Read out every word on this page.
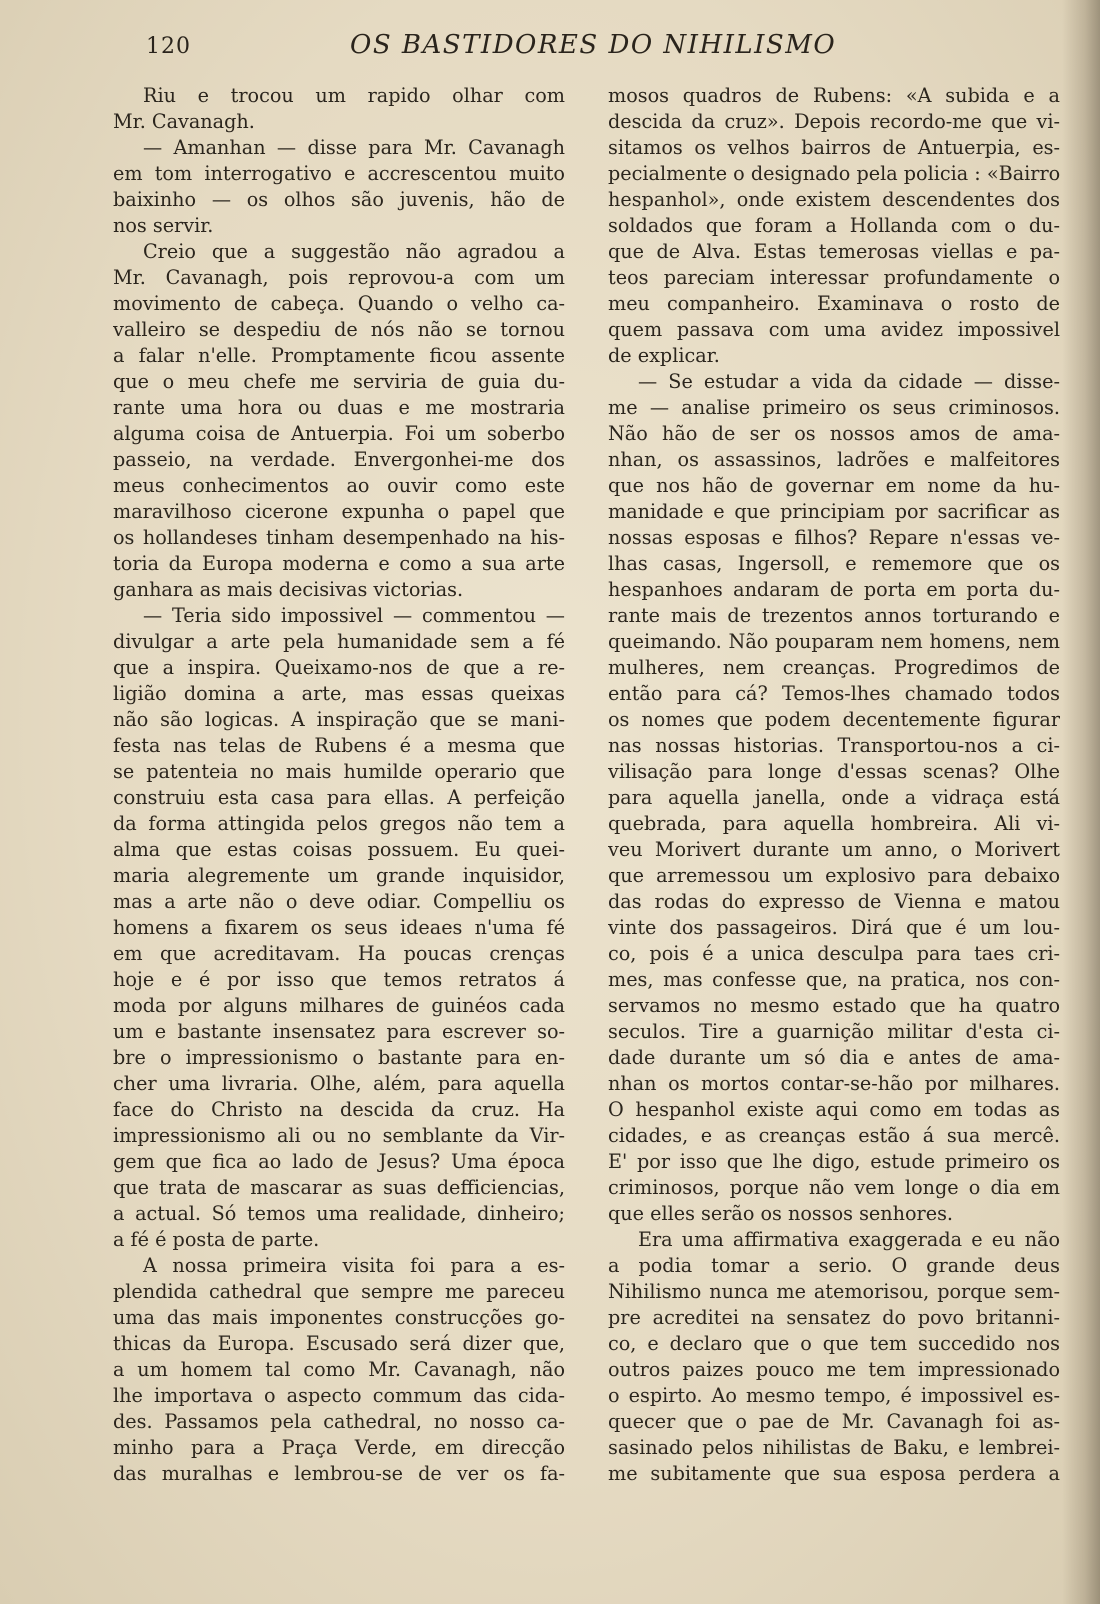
120	OS BASTIDORES DO NIHILISMO
Riu e trocou um rapido olhar com
Mr. Cavanagh.
— Amanhan — disse para Mr. Cavanagh
em tom interrogativo e accrescentou muito
baixinho — os olhos são juvenis, hão de
nos servir.
Creio que a suggestão não agradou a
Mr. Cavanagh, pois reprovou-a com um
movimento de cabeça. Quando o velho ca-
valleiro se despediu de nós não se tornou
a falar n'elle. Promptamente ficou assente
que o meu chefe me serviria de guia du-
rante uma hora ou duas e me mostraria
alguma coisa de Antuerpia. Foi um soberbo
passeio, na verdade. Envergonhei-me dos
meus conhecimentos ao ouvir como este
maravilhoso cicerone expunha o papel que
os hollandeses tinham desempenhado na his-
toria da Europa moderna e como a sua arte
ganhara as mais decisivas victorias.
— Teria sido impossivel — commentou —
divulgar a arte pela humanidade sem a fé
que a inspira. Queixamo-nos de que a re-
ligião domina a arte, mas essas queixas
não são logicas. A inspiração que se mani-
festa nas telas de Rubens é a mesma que
se patenteia no mais humilde operario que
construiu esta casa para ellas. A perfeição
da forma attingida pelos gregos não tem a
alma que estas coisas possuem. Eu quei-
maria alegremente um grande inquisidor,
mas a arte não o deve odiar. Compelliu os
homens a fixarem os seus ideaes n'uma fé
em que acreditavam. Ha poucas crenças
hoje e é por isso que temos retratos á
moda por alguns milhares de guinéos cada
um e bastante insensatez para escrever so-
bre o impressionismo o bastante para en-
cher uma livraria. Olhe, além, para aquella
face do Christo na descida da cruz. Ha
impressionismo ali ou no semblante da Vir-
gem que fica ao lado de Jesus? Uma época
que trata de mascarar as suas defficiencias,
a actual. Só temos uma realidade, dinheiro;
a fé é posta de parte.
A nossa primeira visita foi para a es-
plendida cathedral que sempre me pareceu
uma das mais imponentes construcções go-
thicas da Europa. Escusado será dizer que,
a um homem tal como Mr. Cavanagh, não
lhe importava o aspecto commum das cida-
des. Passamos pela cathedral, no nosso ca-
minho para a Praça Verde, em direcção
das muralhas e lembrou-se de ver os fa-
mosos quadros de Rubens: «A subida e a
descida da cruz». Depois recordo-me que vi-
sitamos os velhos bairros de Antuerpia, es-
pecialmente o designado pela policia : «Bairro
hespanhol», onde existem descendentes dos
soldados que foram a Hollanda com o du-
que de Alva. Estas temerosas viellas e pa-
teos pareciam interessar profundamente o
meu companheiro. Examinava o rosto de
quem passava com uma avidez impossivel
de explicar.
— Se estudar a vida da cidade — disse-
me — analise primeiro os seus criminosos.
Não hão de ser os nossos amos de ama-
nhan, os assassinos, ladrões e malfeitores
que nos hão de governar em nome da hu-
manidade e que principiam por sacrificar as
nossas esposas e filhos? Repare n'essas ve-
lhas casas, Ingersoll, e rememore que os
hespanhoes andaram de porta em porta du-
rante mais de trezentos annos torturando e
queimando. Não pouparam nem homens, nem
mulheres, nem creanças. Progredimos de
então para cá? Temos-lhes chamado todos
os nomes que podem decentemente figurar
nas nossas historias. Transportou-nos a ci-
vilisação para longe d'essas scenas? Olhe
para aquella janella, onde a vidraça está
quebrada, para aquella hombreira. Ali vi-
veu Morivert durante um anno, o Morivert
que arremessou um explosivo para debaixo
das rodas do expresso de Vienna e matou
vinte dos passageiros. Dirá que é um lou-
co, pois é a unica desculpa para taes cri-
mes, mas confesse que, na pratica, nos con-
servamos no mesmo estado que ha quatro
seculos. Tire a guarnição militar d'esta ci-
dade durante um só dia e antes de ama-
nhan os mortos contar-se-hão por milhares.
O hespanhol existe aqui como em todas as
cidades, e as creanças estão á sua mercê.
E' por isso que lhe digo, estude primeiro os
criminosos, porque não vem longe o dia em
que elles serão os nossos senhores.
Era uma affirmativa exaggerada e eu não
a podia tomar a serio. O grande deus
Nihilismo nunca me atemorisou, porque sem-
pre acreditei na sensatez do povo britanni-
co, e declaro que o que tem succedido nos
outros paizes pouco me tem impressionado
o espirto. Ao mesmo tempo, é impossivel es-
quecer que o pae de Mr. Cavanagh foi as-
sasinado pelos nihilistas de Baku, e lembrei-
me subitamente que sua esposa perdera a
